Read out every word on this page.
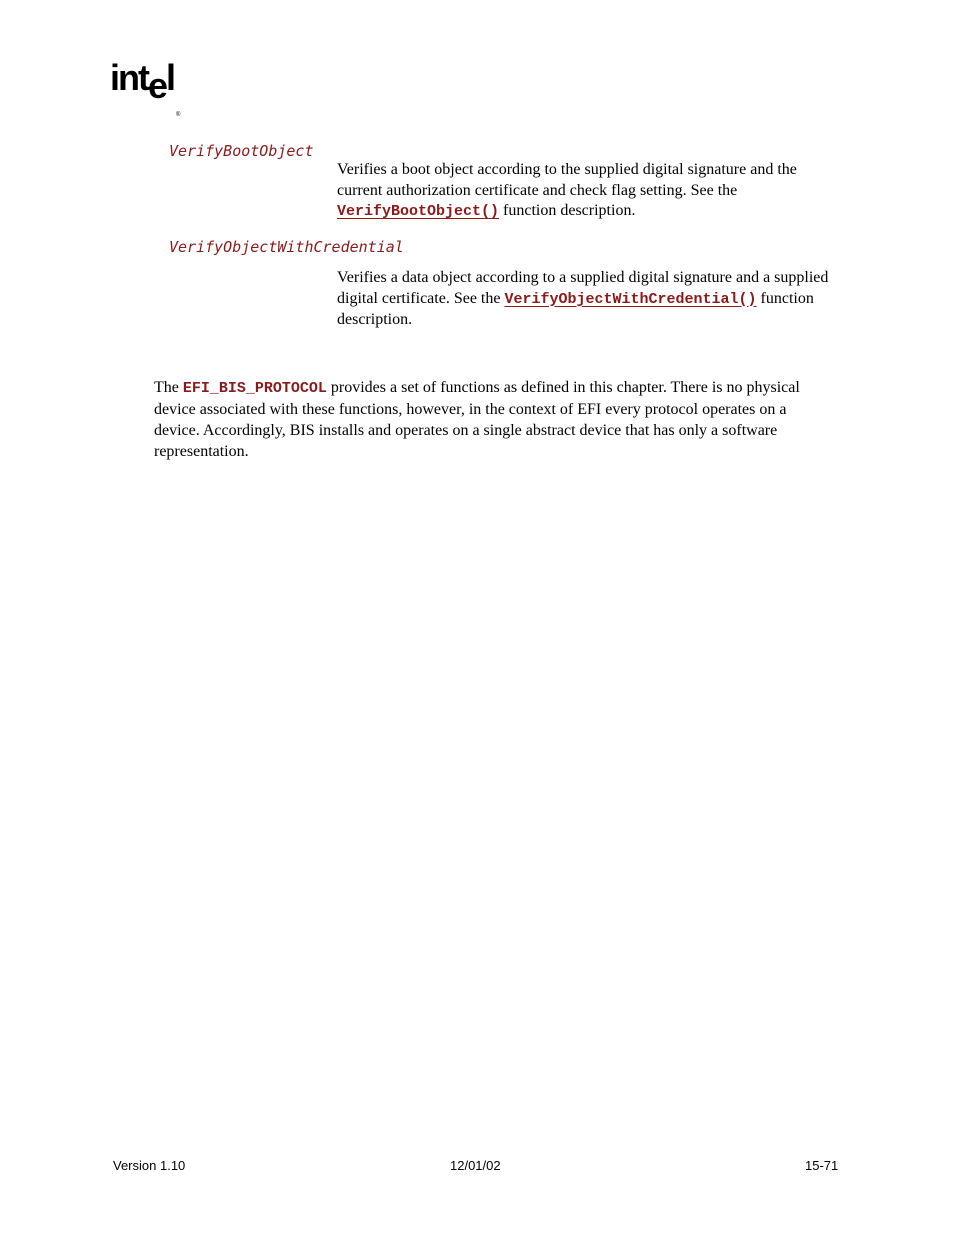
intel$_®$
VerifyBootObject
Verifies a boot object according to the supplied digital signature and the current authorization certificate and check flag setting. See the VerifyBootObject() function description.
VerifyObjectWithCredential
Verifies a data object according to a supplied digital signature and a supplied digital certificate. See the VerifyObjectWithCredential() function description.
The EFI_BIS_PROTOCOL provides a set of functions as defined in this chapter. There is no physical device associated with these functions, however, in the context of EFI every protocol operates on a device. Accordingly, BIS installs and operates on a single abstract device that has only a software representation.
Version 1.10	12/01/02	15-71
